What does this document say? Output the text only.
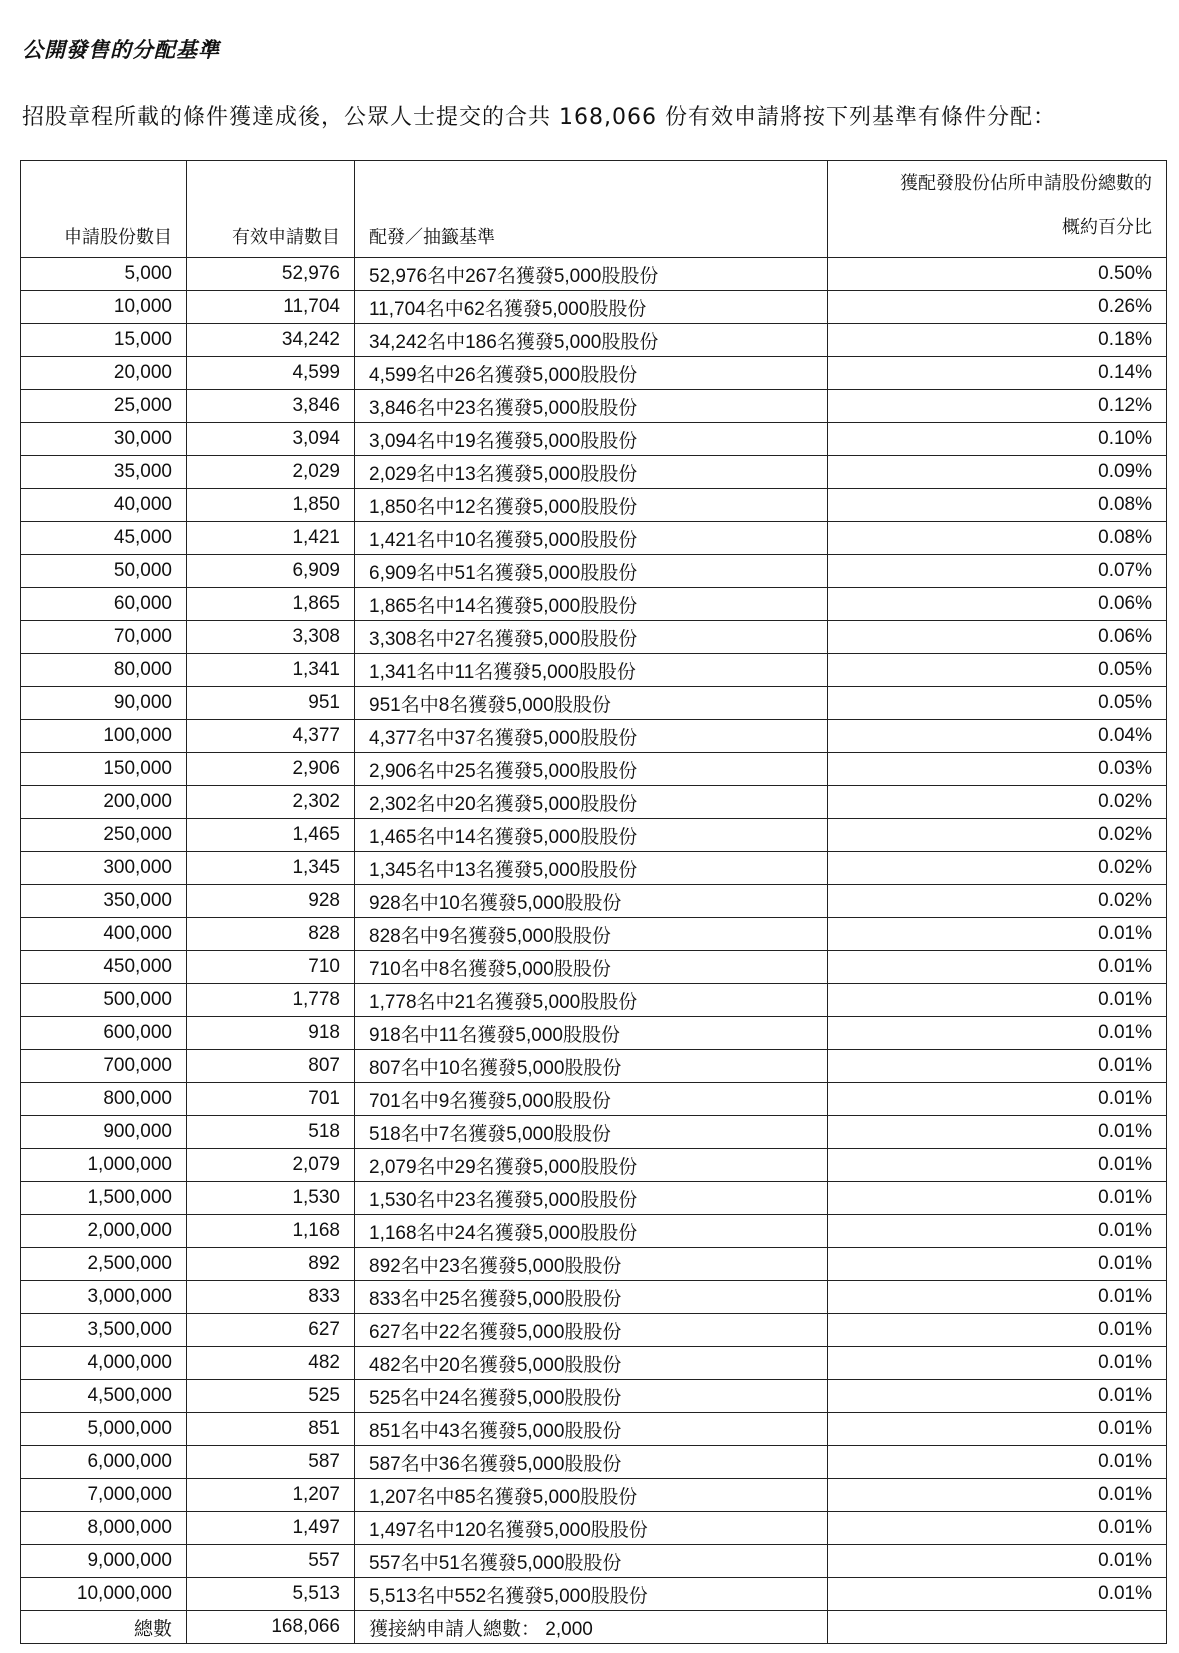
公開發售的分配基準
招股章程所載的條件獲達成後，公眾人士提交的合共 168,066 份有效申請將按下列基準有條件分配：
申請股份數目	有效申請數目	配發／抽籤基準	獲配發股份佔所申請股份總數的
概約百分比

5,000	52,976	52,976名中267名獲發5,000股股份	0.50%
10,000	11,704	11,704名中62名獲發5,000股股份	0.26%
15,000	34,242	34,242名中186名獲發5,000股股份	0.18%
20,000	4,599	4,599名中26名獲發5,000股股份	0.14%
25,000	3,846	3,846名中23名獲發5,000股股份	0.12%
30,000	3,094	3,094名中19名獲發5,000股股份	0.10%
35,000	2,029	2,029名中13名獲發5,000股股份	0.09%
40,000	1,850	1,850名中12名獲發5,000股股份	0.08%
45,000	1,421	1,421名中10名獲發5,000股股份	0.08%
50,000	6,909	6,909名中51名獲發5,000股股份	0.07%
60,000	1,865	1,865名中14名獲發5,000股股份	0.06%
70,000	3,308	3,308名中27名獲發5,000股股份	0.06%
80,000	1,341	1,341名中11名獲發5,000股股份	0.05%
90,000	951	951名中8名獲發5,000股股份	0.05%
100,000	4,377	4,377名中37名獲發5,000股股份	0.04%
150,000	2,906	2,906名中25名獲發5,000股股份	0.03%
200,000	2,302	2,302名中20名獲發5,000股股份	0.02%
250,000	1,465	1,465名中14名獲發5,000股股份	0.02%
300,000	1,345	1,345名中13名獲發5,000股股份	0.02%
350,000	928	928名中10名獲發5,000股股份	0.02%
400,000	828	828名中9名獲發5,000股股份	0.01%
450,000	710	710名中8名獲發5,000股股份	0.01%
500,000	1,778	1,778名中21名獲發5,000股股份	0.01%
600,000	918	918名中11名獲發5,000股股份	0.01%
700,000	807	807名中10名獲發5,000股股份	0.01%
800,000	701	701名中9名獲發5,000股股份	0.01%
900,000	518	518名中7名獲發5,000股股份	0.01%
1,000,000	2,079	2,079名中29名獲發5,000股股份	0.01%
1,500,000	1,530	1,530名中23名獲發5,000股股份	0.01%
2,000,000	1,168	1,168名中24名獲發5,000股股份	0.01%
2,500,000	892	892名中23名獲發5,000股股份	0.01%
3,000,000	833	833名中25名獲發5,000股股份	0.01%
3,500,000	627	627名中22名獲發5,000股股份	0.01%
4,000,000	482	482名中20名獲發5,000股股份	0.01%
4,500,000	525	525名中24名獲發5,000股股份	0.01%
5,000,000	851	851名中43名獲發5,000股股份	0.01%
6,000,000	587	587名中36名獲發5,000股股份	0.01%
7,000,000	1,207	1,207名中85名獲發5,000股股份	0.01%
8,000,000	1,497	1,497名中120名獲發5,000股股份	0.01%
9,000,000	557	557名中51名獲發5,000股股份	0.01%
10,000,000	5,513	5,513名中552名獲發5,000股股份	0.01%
總數	168,066	獲接納申請人總數： 2,000	
